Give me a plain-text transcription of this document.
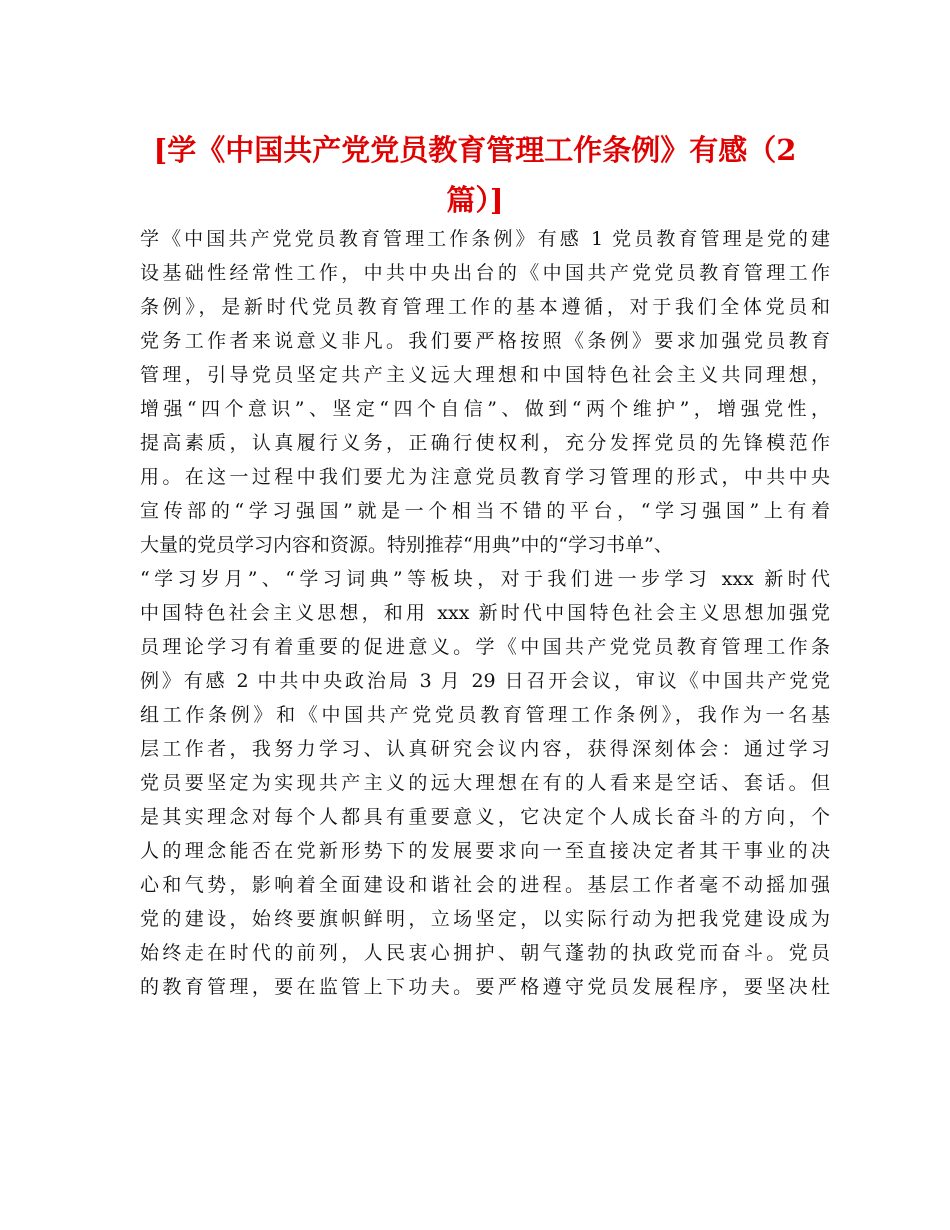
[学《中国共产党党员教育管理工作条例》有感（2
篇）]
学《中国共产党党员教育管理工作条例》有感 1 党员教育管理是党的建
设基础性经常性工作，中共中央出台的《中国共产党党员教育管理工作
条例》，是新时代党员教育管理工作的基本遵循，对于我们全体党员和
党务工作者来说意义非凡。我们要严格按照《条例》要求加强党员教育
管理，引导党员坚定共产主义远大理想和中国特色社会主义共同理想，
增强“四个意识”、坚定“四个自信”、做到“两个维护”，增强党性，
提高素质，认真履行义务，正确行使权利，充分发挥党员的先锋模范作
用。在这一过程中我们要尤为注意党员教育学习管理的形式，中共中央
宣传部的“学习强国”就是一个相当不错的平台，“学习强国”上有着
大量的党员学习内容和资源。特别推荐“用典”中的“学习书单”、
“学习岁月”、“学习词典”等板块，对于我们进一步学习 xxx 新时代
中国特色社会主义思想，和用 xxx 新时代中国特色社会主义思想加强党
员理论学习有着重要的促进意义。学《中国共产党党员教育管理工作条
例》有感 2 中共中央政治局 3 月 29 日召开会议，审议《中国共产党党
组工作条例》和《中国共产党党员教育管理工作条例》，我作为一名基
层工作者，我努力学习、认真研究会议内容，获得深刻体会：通过学习
党员要坚定为实现共产主义的远大理想在有的人看来是空话、套话。但
是其实理念对每个人都具有重要意义，它决定个人成长奋斗的方向，个
人的理念能否在党新形势下的发展要求向一至直接决定者其干事业的决
心和气势，影响着全面建设和谐社会的进程。基层工作者毫不动摇加强
党的建设，始终要旗帜鲜明，立场坚定，以实际行动为把我党建设成为
始终走在时代的前列，人民衷心拥护、朝气蓬勃的执政党而奋斗。党员
的教育管理，要在监管上下功夫。要严格遵守党员发展程序，要坚决杜
